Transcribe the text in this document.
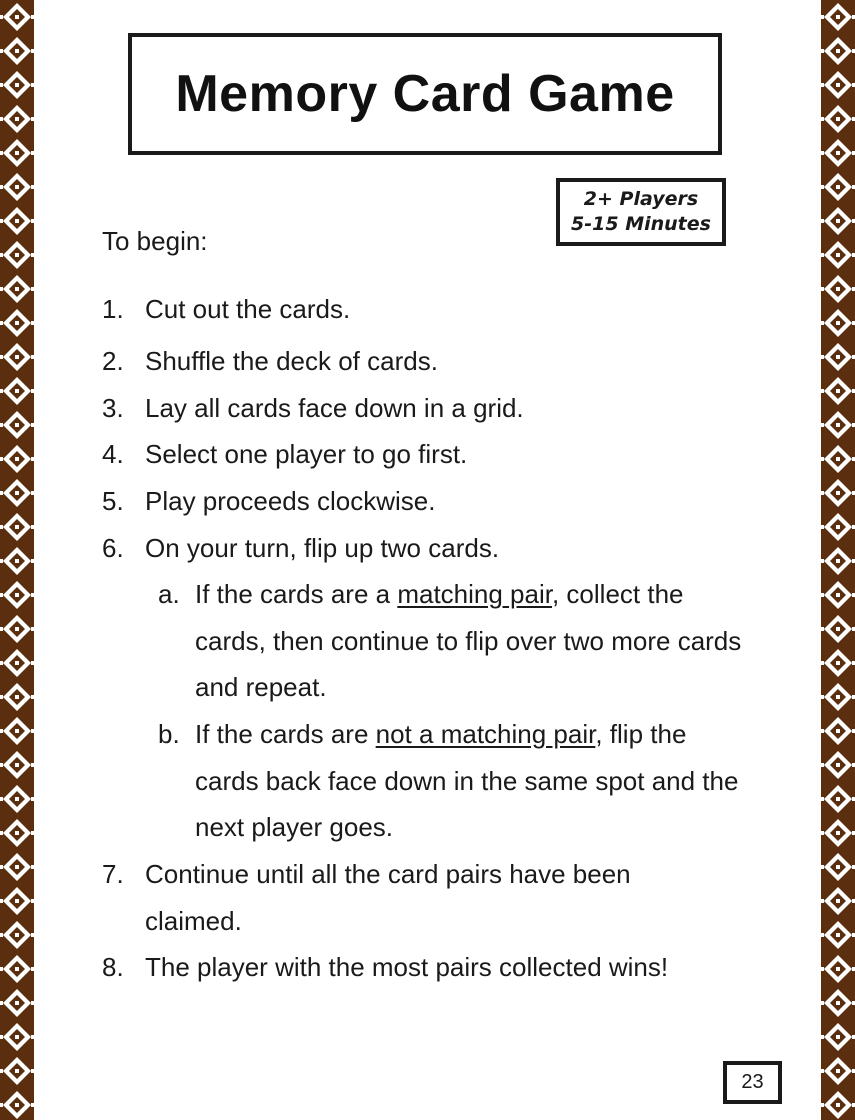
Memory Card Game
2+ Players
5-15 Minutes
To begin:
1. Cut out the cards.
2. Shuffle the deck of cards.
3. Lay all cards face down in a grid.
4. Select one player to go first.
5. Play proceeds clockwise.
6. On your turn, flip up two cards.
a. If the cards are a matching pair, collect the cards, then continue to flip over two more cards and repeat.
b. If the cards are not a matching pair, flip the cards back face down in the same spot and the next player goes.
7. Continue until all the card pairs have been claimed.
8. The player with the most pairs collected wins!
23
